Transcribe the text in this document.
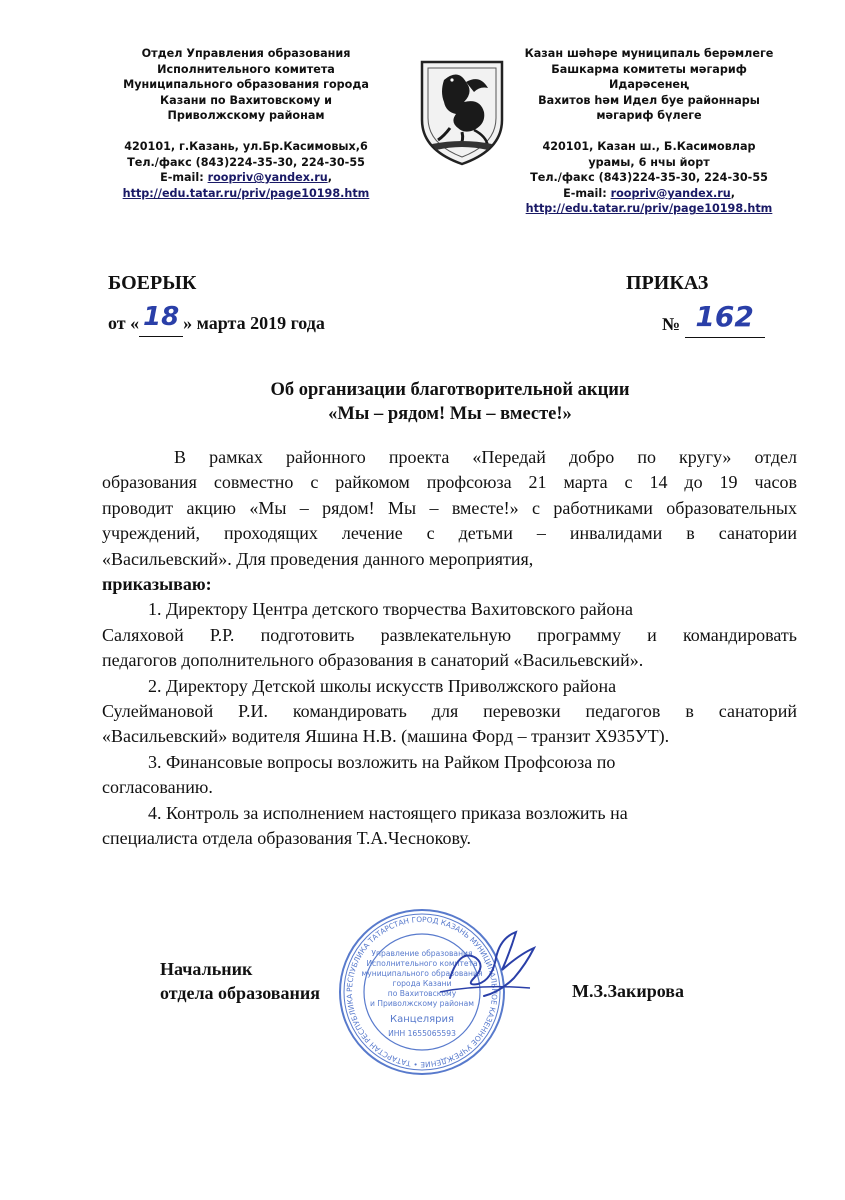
Отдел Управления образования
Исполнительного комитета
Муниципального образования города
Казани по Вахитовскому и
Приволжскому районам
420101, г.Казань, ул.Бр.Касимовых,6
Тел./факс (843)224-35-30, 224-30-55
E-mail: roopriv@yandex.ru,
http://edu.tatar.ru/priv/page10198.htm
Казан шәһәре муниципаль берәмлеге
Башкарма комитеты мәгариф
Идарәсенең
Вахитов һәм Идел буе районнары
мәгариф бүлеге
420101, Казан ш., Б.Касимовлар
урамы, 6 нчы йорт
Тел./факс (843)224-35-30, 224-30-55
E-mail: roopriv@yandex.ru,
http://edu.tatar.ru/priv/page10198.htm
БОЕРЫК	ПРИКАЗ
от « 18 » марта 2019 года	№ 162
Об организации благотворительной акции
«Мы – рядом! Мы – вместе!»
В рамках районного проекта «Передай добро по кругу» отдел
образования совместно с райкомом профсоюза 21 марта с 14 до 19 часов
проводит акцию «Мы – рядом! Мы – вместе!» с работниками образовательных
учреждений, проходящих лечение с детьми – инвалидами в санатории
«Васильевский». Для проведения данного мероприятия,
приказываю:
1. Директору Центра детского творчества Вахитовского района
Саляховой Р.Р. подготовить развлекательную программу и командировать
педагогов дополнительного образования в санаторий «Васильевский».
2. Директору Детской школы искусств Приволжского района
Сулеймановой Р.И. командировать для перевозки педагогов в санаторий
«Васильевский» водителя Яшина Н.В. (машина Форд – транзит Х935УТ).
3. Финансовые вопросы возложить на Райком Профсоюза по
согласованию.
4. Контроль за исполнением настоящего приказа возложить на
специалиста отдела образования Т.А.Чеснокову.
РЕСПУБЛИКА ТАТАРСТАН ГОРОД КАЗАНЬ МУНИЦИПАЛЬНОЕ КАЗЕННОЕ УЧРЕЖДЕНИЕ • ТАТАРСТАН РЕСПУБЛИКА
Управление образования
Исполнительного комитета
муниципального образования
города Казани
по Вахитовскому
и Приволжскому районам
Канцелярия
ИНН 1655065593
Начальник
отдела образования	М.З.Закирова
